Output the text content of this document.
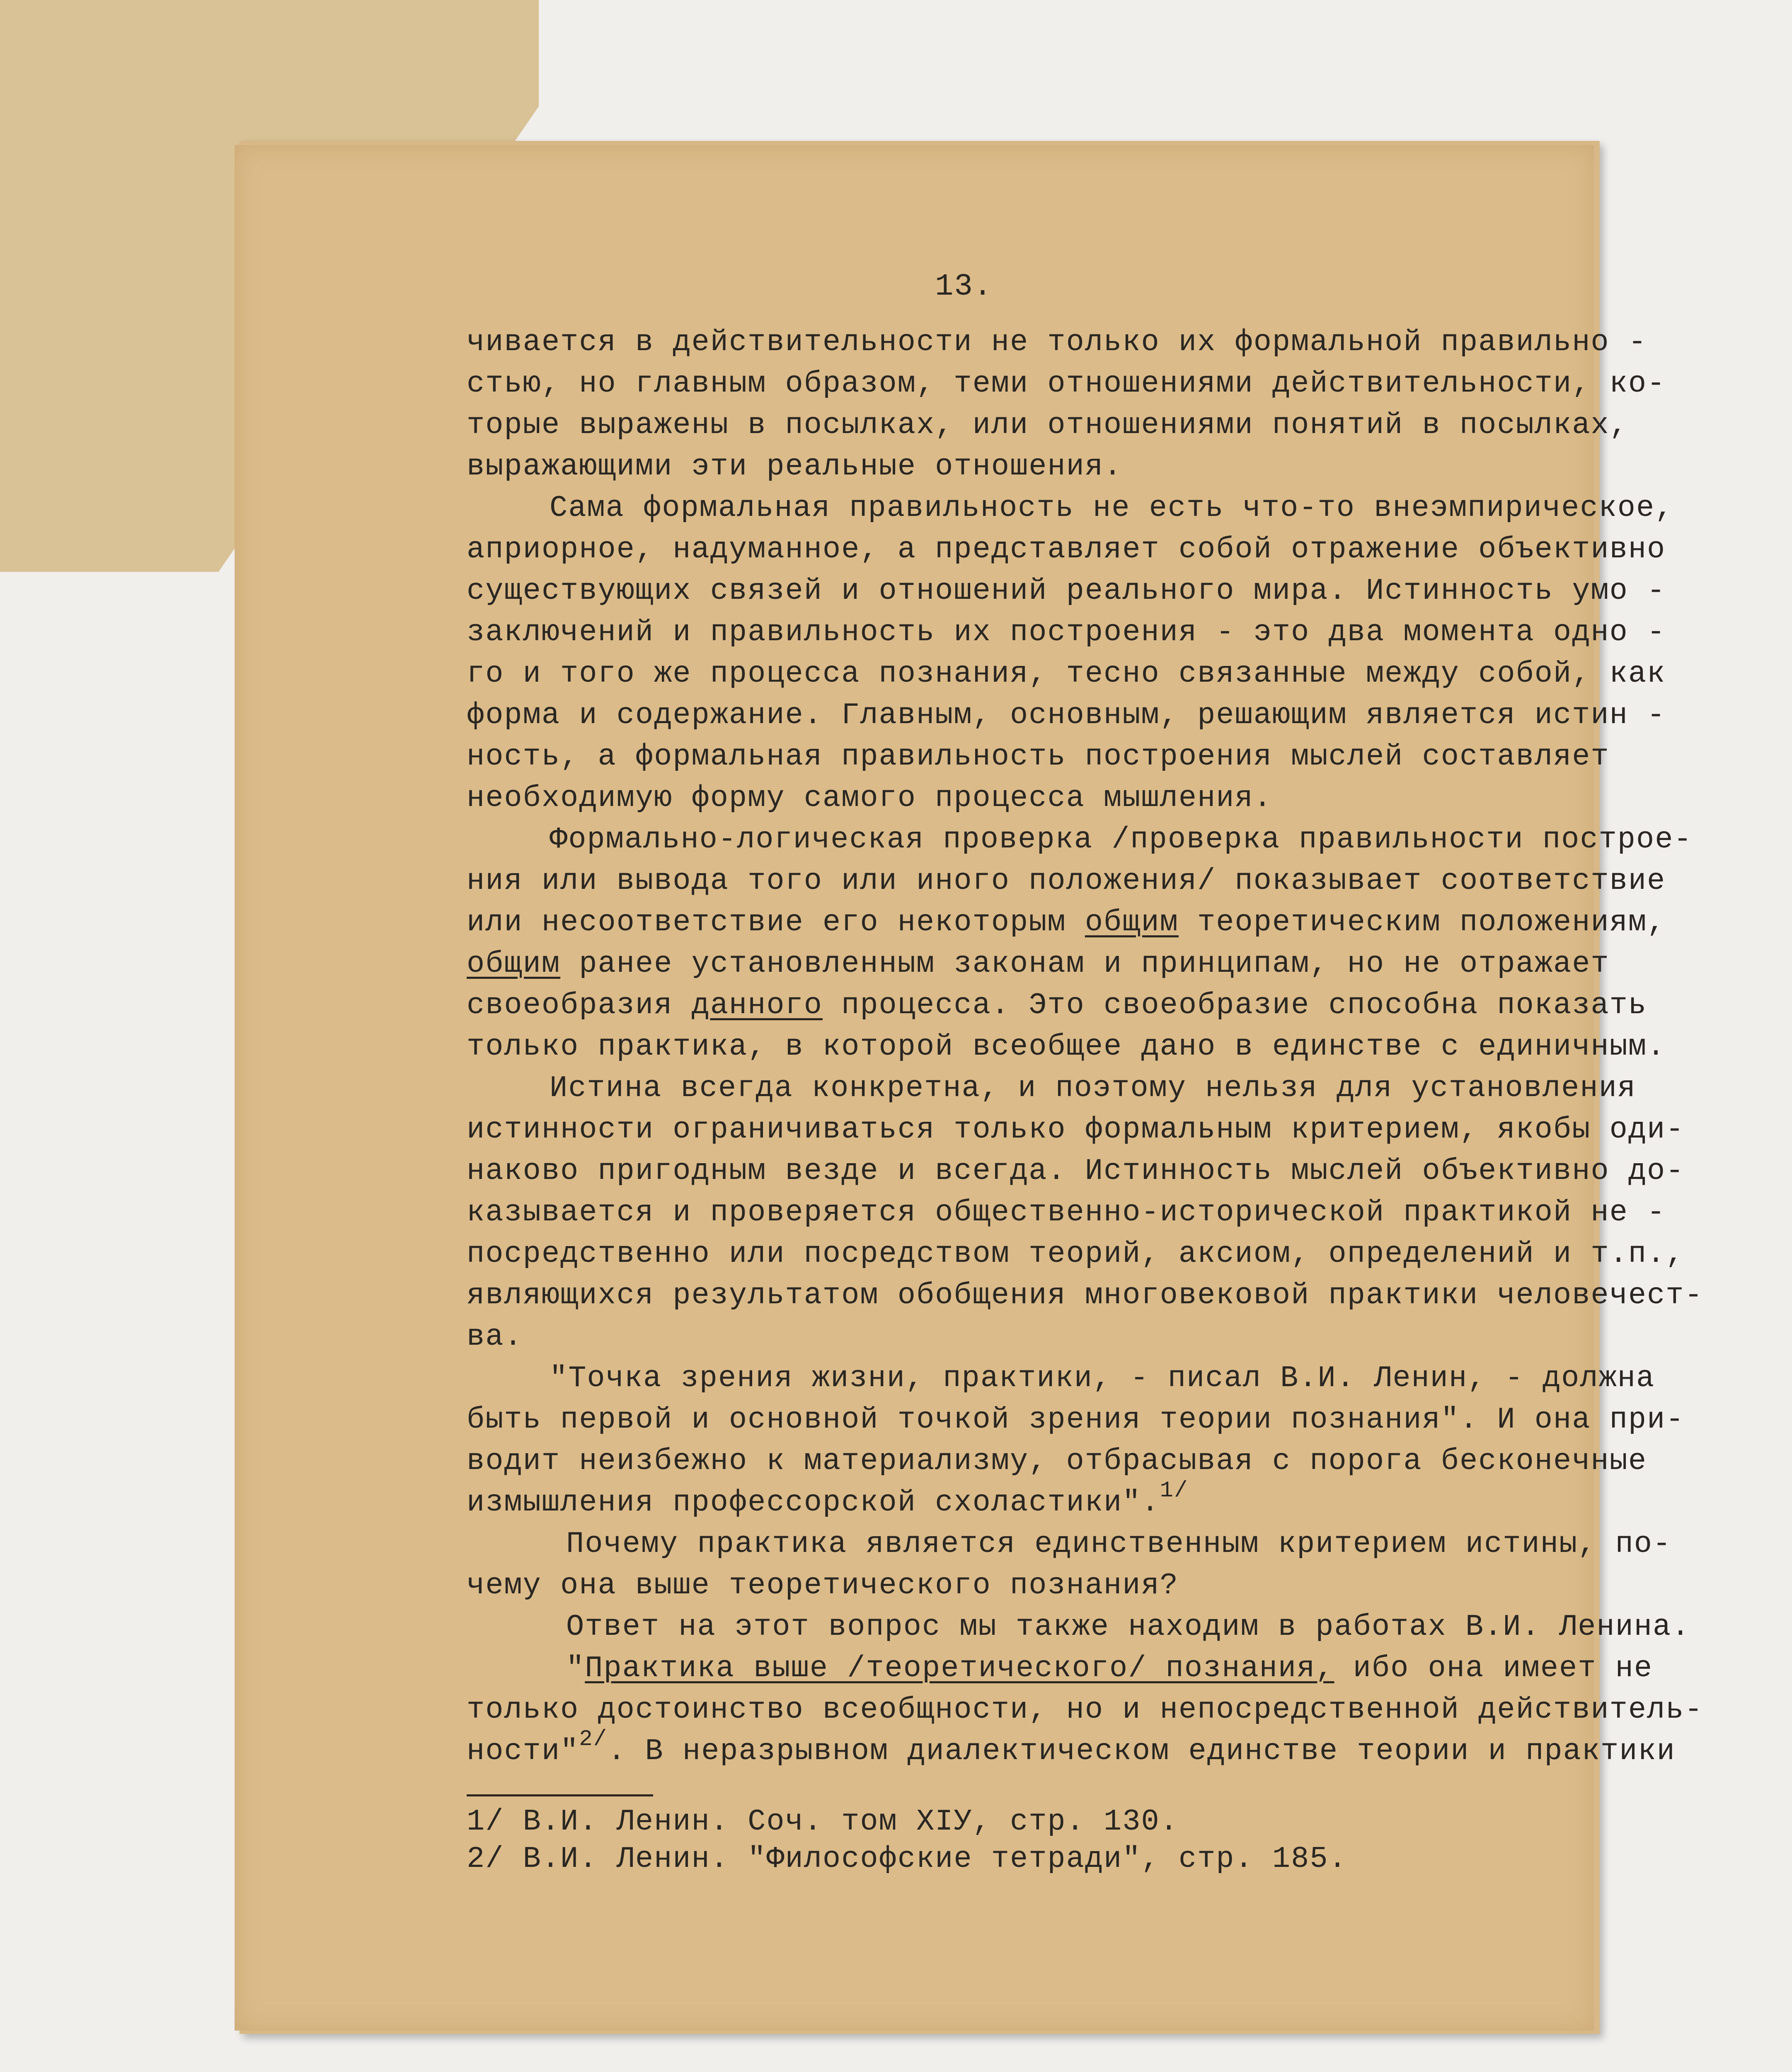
13.
чивается в действительности не только их формальной правильно -
стью, но главным образом, теми отношениями действительности, ко-
торые выражены в посылках, или отношениями понятий в посылках,
выражающими эти реальные отношения.
Сама формальная правильность не есть что-то внеэмпирическое,
априорное, надуманное, а представляет собой отражение объективно
существующих связей и отношений реального мира. Истинность умо -
заключений и правильность их построения - это два момента одно -
го и того же процесса познания, тесно связанные между собой, как
форма и содержание. Главным, основным, решающим является истин -
ность, а формальная правильность построения мыслей составляет
необходимую форму самого процесса мышления.
Формально-логическая проверка /проверка правильности построе-
ния или вывода того или иного положения/ показывает соответствие
или несоответствие его некоторым общим теоретическим положениям,
общим ранее установленным законам и принципам, но не отражает
своеобразия данного процесса. Это своеобразие способна показать
только практика, в которой всеобщее дано в единстве с единичным.
Истина всегда конкретна, и поэтому нельзя для установления
истинности ограничиваться только формальным критерием, якобы оди-
наково пригодным везде и всегда. Истинность мыслей объективно до-
казывается и проверяется общественно-исторической практикой не -
посредственно или посредством теорий, аксиом, определений и т.п.,
являющихся результатом обобщения многовековой практики человечест-
ва.
"Точка зрения жизни, практики, - писал В.И. Ленин, - должна
быть первой и основной точкой зрения теории познания". И она при-
водит неизбежно к материализму, отбрасывая с порога бесконечные
измышления профессорской схоластики".$^{1/}$
Почему практика является единственным критерием истины, по-
чему она выше теоретического познания?
Ответ на этот вопрос мы также находим в работах В.И. Ленина.
"Практика выше /теоретического/ познания, ибо она имеет не
только достоинство всеобщности, но и непосредственной действитель-
ности"$^{2/}$. В неразрывном диалектическом единстве теории и практики
1/ В.И. Ленин. Соч. том XIУ, стр. 130.
2/ В.И. Ленин. "Философские тетради", стр. 185.
